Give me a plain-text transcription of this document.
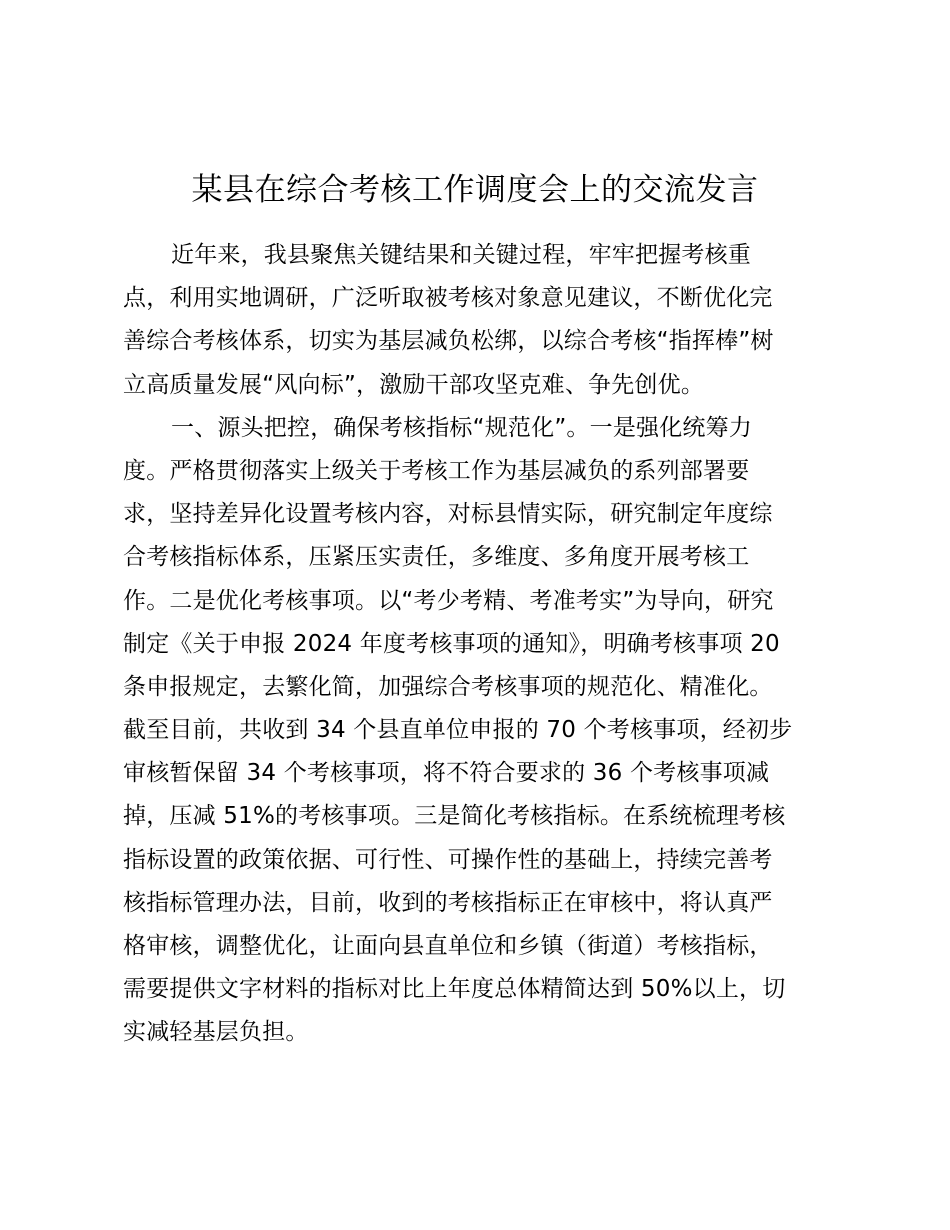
某县在综合考核工作调度会上的交流发言
近年来，我县聚焦关键结果和关键过程，牢牢把握考核重
点，利用实地调研，广泛听取被考核对象意见建议，不断优化完
善综合考核体系，切实为基层减负松绑，以综合考核“指挥棒”树
立高质量发展“风向标”，激励干部攻坚克难、争先创优。
一、源头把控，确保考核指标“规范化”。一是强化统筹力
度。严格贯彻落实上级关于考核工作为基层减负的系列部署要
求，坚持差异化设置考核内容，对标县情实际，研究制定年度综
合考核指标体系，压紧压实责任，多维度、多角度开展考核工
作。二是优化考核事项。以“考少考精、考准考实”为导向，研究
制定《关于申报 2024 年度考核事项的通知》，明确考核事项 20
条申报规定，去繁化简，加强综合考核事项的规范化、精准化。
截至目前，共收到 34 个县直单位申报的 70 个考核事项，经初步
审核暂保留 34 个考核事项，将不符合要求的 36 个考核事项减
掉，压减 51%的考核事项。三是简化考核指标。在系统梳理考核
指标设置的政策依据、可行性、可操作性的基础上，持续完善考
核指标管理办法，目前，收到的考核指标正在审核中，将认真严
格审核，调整优化，让面向县直单位和乡镇（街道）考核指标，
需要提供文字材料的指标对比上年度总体精简达到 50%以上，切
实减轻基层负担。
